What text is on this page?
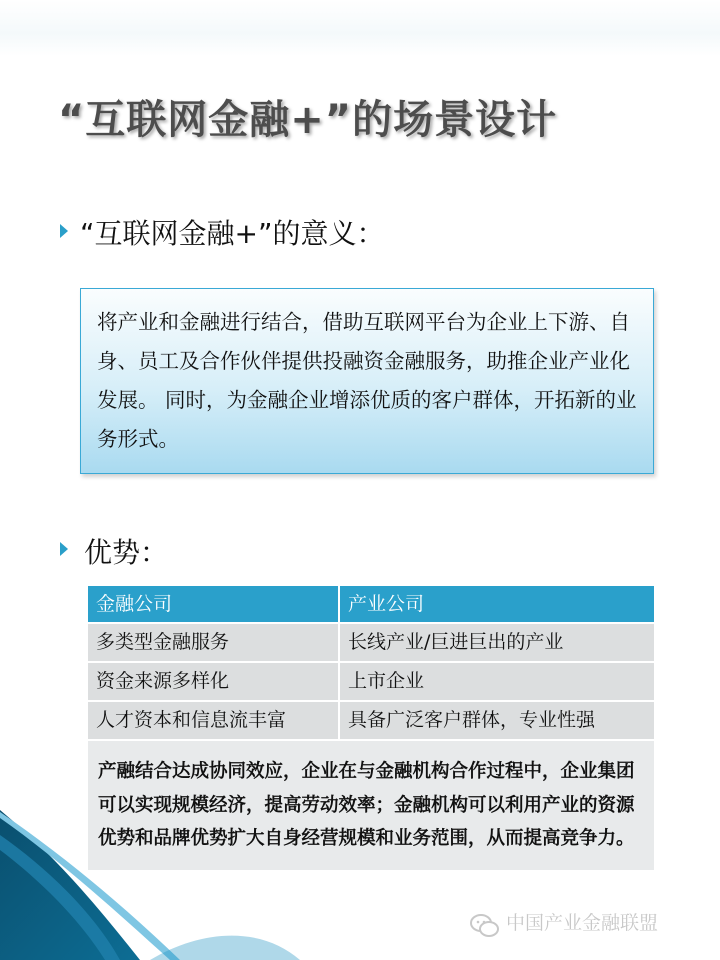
“互联网金融+”的场景设计
“互联网金融+”的意义：
将产业和金融进行结合，借助互联网平台为企业上下游、自身、员工及合作伙伴提供投融资金融服务，助推企业产业化发展。 同时，为金融企业增添优质的客户群体，开拓新的业务形式。
优势：
金融公司	产业公司
多类型金融服务	长线产业/巨进巨出的产业
资金来源多样化	上市企业
人才资本和信息流丰富	具备广泛客户群体，专业性强
产融结合达成协同效应，企业在与金融机构合作过程中，企业集团可以实现规模经济，提高劳动效率；金融机构可以利用产业的资源优势和品牌优势扩大自身经营规模和业务范围，从而提高竞争力。
中国产业金融联盟
